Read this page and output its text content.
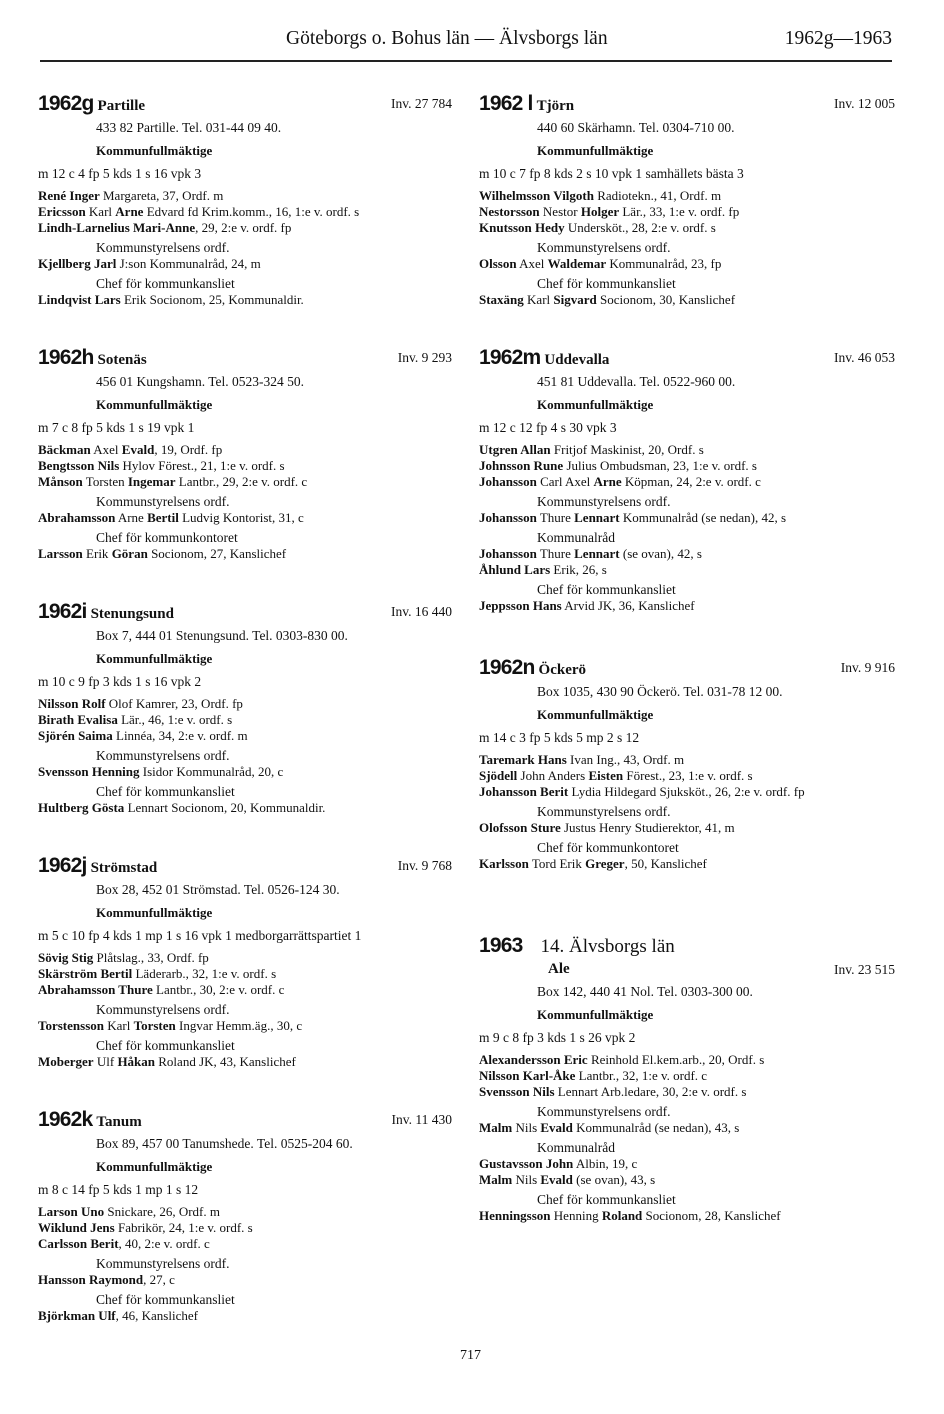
Göteborgs o. Bohus län — Älvsborgs län	1962g—1963
1962g Partille	Inv. 27 784
433 82 Partille. Tel. 031-44 09 40.
Kommunfullmäktige
m 12 c 4 fp 5 kds 1 s 16 vpk 3
René Inger Margareta, 37, Ordf. m
Ericsson Karl Arne Edvard fd Krim.komm., 16, 1:e v. ordf. s
Lindh-Larnelius Mari-Anne, 29, 2:e v. ordf. fp
Kommunstyrelsens ordf.
Kjellberg Jarl J:son Kommunalråd, 24, m
Chef för kommunkansliet
Lindqvist Lars Erik Socionom, 25, Kommunaldir.
1962h Sotenäs	Inv. 9 293
456 01 Kungshamn. Tel. 0523-324 50.
Kommunfullmäktige
m 7 c 8 fp 5 kds 1 s 19 vpk 1
Bäckman Axel Evald, 19, Ordf. fp
Bengtsson Nils Hylov Förest., 21, 1:e v. ordf. s
Månson Torsten Ingemar Lantbr., 29, 2:e v. ordf. c
Kommunstyrelsens ordf.
Abrahamsson Arne Bertil Ludvig Kontorist, 31, c
Chef för kommunkontoret
Larsson Erik Göran Socionom, 27, Kanslichef
1962i Stenungsund	Inv. 16 440
Box 7, 444 01 Stenungsund. Tel. 0303-830 00.
Kommunfullmäktige
m 10 c 9 fp 3 kds 1 s 16 vpk 2
Nilsson Rolf Olof Kamrer, 23, Ordf. fp
Birath Evalisa Lär., 46, 1:e v. ordf. s
Sjörén Saima Linnéa, 34, 2:e v. ordf. m
Kommunstyrelsens ordf.
Svensson Henning Isidor Kommunalråd, 20, c
Chef för kommunkansliet
Hultberg Gösta Lennart Socionom, 20, Kommunaldir.
1962j Strömstad	Inv. 9 768
Box 28, 452 01 Strömstad. Tel. 0526-124 30.
Kommunfullmäktige
m 5 c 10 fp 4 kds 1 mp 1 s 16 vpk 1 medborgarrättspartiet 1
Sövig Stig Plåtslag., 33, Ordf. fp
Skärström Bertil Läderarb., 32, 1:e v. ordf. s
Abrahamsson Thure Lantbr., 30, 2:e v. ordf. c
Kommunstyrelsens ordf.
Torstensson Karl Torsten Ingvar Hemm.äg., 30, c
Chef för kommunkansliet
Moberger Ulf Håkan Roland JK, 43, Kanslichef
1962k Tanum	Inv. 11 430
Box 89, 457 00 Tanumshede. Tel. 0525-204 60.
Kommunfullmäktige
m 8 c 14 fp 5 kds 1 mp 1 s 12
Larson Uno Snickare, 26, Ordf. m
Wiklund Jens Fabrikör, 24, 1:e v. ordf. s
Carlsson Berit, 40, 2:e v. ordf. c
Kommunstyrelsens ordf.
Hansson Raymond, 27, c
Chef för kommunkansliet
Björkman Ulf, 46, Kanslichef
1962 l Tjörn	Inv. 12 005
440 60 Skärhamn. Tel. 0304-710 00.
Kommunfullmäktige
m 10 c 7 fp 8 kds 2 s 10 vpk 1 samhällets bästa 3
Wilhelmsson Vilgoth Radiotekn., 41, Ordf. m
Nestorsson Nestor Holger Lär., 33, 1:e v. ordf. fp
Knutsson Hedy Undersköt., 28, 2:e v. ordf. s
Kommunstyrelsens ordf.
Olsson Axel Waldemar Kommunalråd, 23, fp
Chef för kommunkansliet
Staxäng Karl Sigvard Socionom, 30, Kanslichef
1962m Uddevalla	Inv. 46 053
451 81 Uddevalla. Tel. 0522-960 00.
Kommunfullmäktige
m 12 c 12 fp 4 s 30 vpk 3
Utgren Allan Fritjof Maskinist, 20, Ordf. s
Johnsson Rune Julius Ombudsman, 23, 1:e v. ordf. s
Johansson Carl Axel Arne Köpman, 24, 2:e v. ordf. c
Kommunstyrelsens ordf.
Johansson Thure Lennart Kommunalråd (se nedan), 42, s
Kommunalråd
Johansson Thure Lennart (se ovan), 42, s
Åhlund Lars Erik, 26, s
Chef för kommunkansliet
Jeppsson Hans Arvid JK, 36, Kanslichef
1962n Öckerö	Inv. 9 916
Box 1035, 430 90 Öckerö. Tel. 031-78 12 00.
Kommunfullmäktige
m 14 c 3 fp 5 kds 5 mp 2 s 12
Taremark Hans Ivan Ing., 43, Ordf. m
Sjödell John Anders Eisten Förest., 23, 1:e v. ordf. s
Johansson Berit Lydia Hildegard Sjuksköt., 26, 2:e v. ordf. fp
Kommunstyrelsens ordf.
Olofsson Sture Justus Henry Studierektor, 41, m
Chef för kommunkontoret
Karlsson Tord Erik Greger, 50, Kanslichef
1963 14. Älvsborgs län
Ale	Inv. 23 515
Box 142, 440 41 Nol. Tel. 0303-300 00.
Kommunfullmäktige
m 9 c 8 fp 3 kds 1 s 26 vpk 2
Alexandersson Eric Reinhold El.kem.arb., 20, Ordf. s
Nilsson Karl-Åke Lantbr., 32, 1:e v. ordf. c
Svensson Nils Lennart Arb.ledare, 30, 2:e v. ordf. s
Kommunstyrelsens ordf.
Malm Nils Evald Kommunalråd (se nedan), 43, s
Kommunalråd
Gustavsson John Albin, 19, c
Malm Nils Evald (se ovan), 43, s
Chef för kommunkansliet
Henningsson Henning Roland Socionom, 28, Kanslichef
717
